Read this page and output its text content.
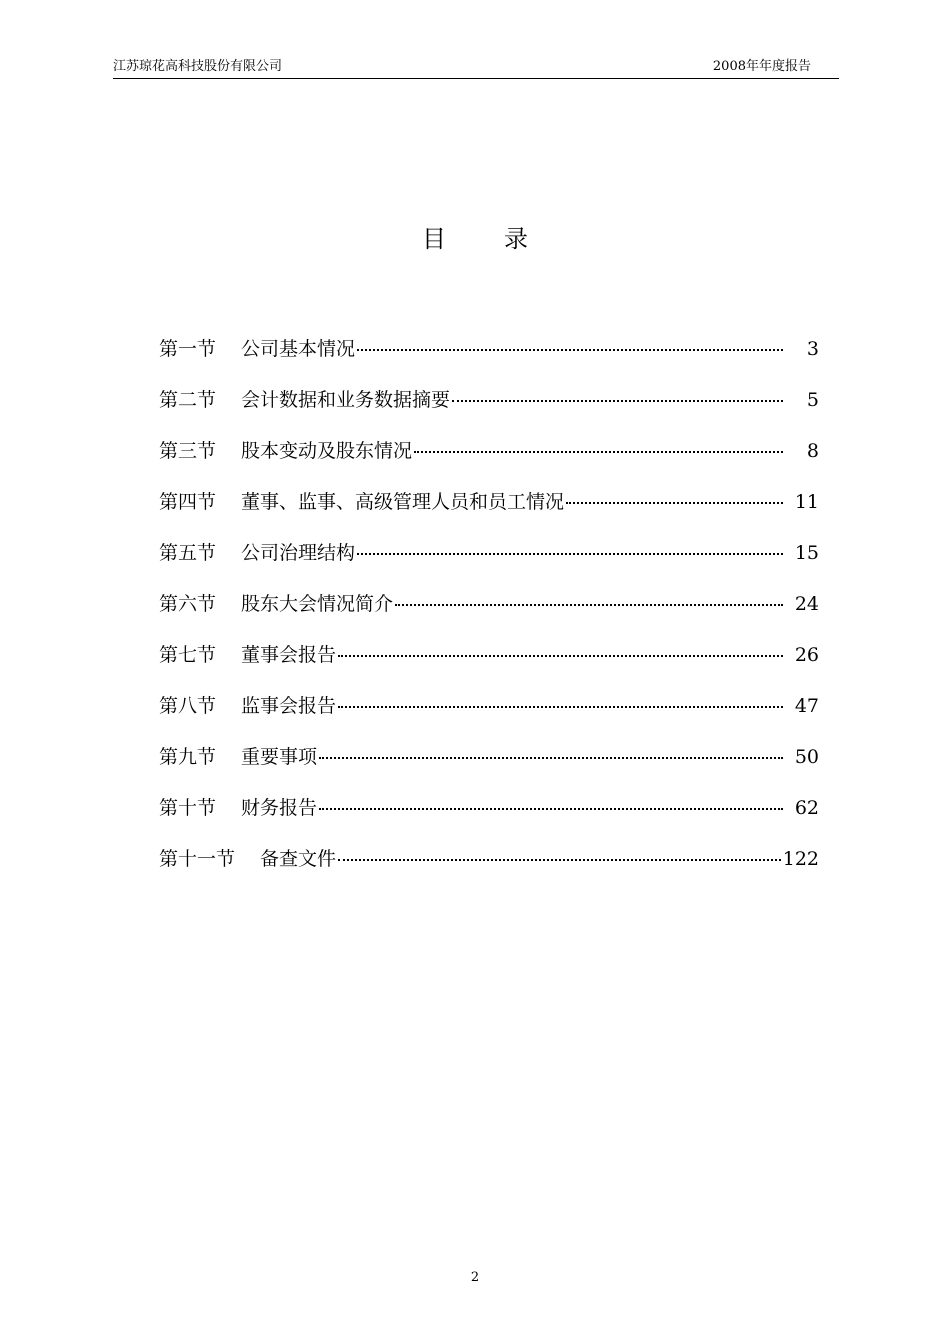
江苏琼花高科技股份有限公司	2008年年度报告
目 录
第一节 公司基本情况	3
第二节 会计数据和业务数据摘要	5
第三节 股本变动及股东情况	8
第四节 董事、监事、高级管理人员和员工情况	11
第五节 公司治理结构	15
第六节 股东大会情况简介	24
第七节 董事会报告	26
第八节 监事会报告	47
第九节 重要事项	50
第十节 财务报告	62
第十一节 备查文件	122
2
